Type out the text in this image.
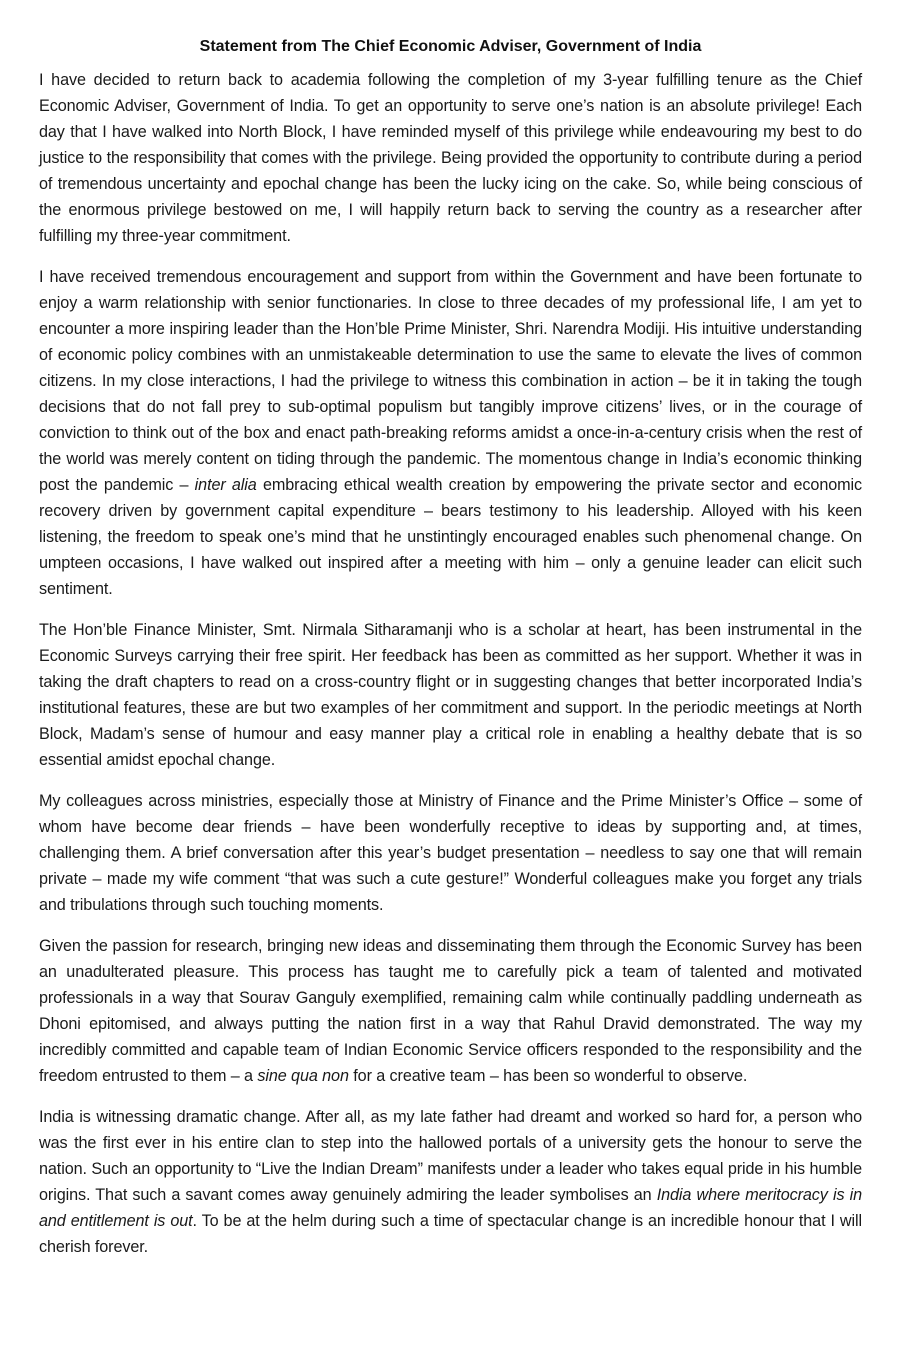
Statement from The Chief Economic Adviser, Government of India

I have decided to return back to academia following the completion of my 3-year fulfilling tenure as the Chief Economic Adviser, Government of India. To get an opportunity to serve one’s nation is an absolute privilege! Each day that I have walked into North Block, I have reminded myself of this privilege while endeavouring my best to do justice to the responsibility that comes with the privilege. Being provided the opportunity to contribute during a period of tremendous uncertainty and epochal change has been the lucky icing on the cake. So, while being conscious of the enormous privilege bestowed on me, I will happily return back to serving the country as a researcher after fulfilling my three-year commitment.

I have received tremendous encouragement and support from within the Government and have been fortunate to enjoy a warm relationship with senior functionaries. In close to three decades of my professional life, I am yet to encounter a more inspiring leader than the Hon’ble Prime Minister, Shri. Narendra Modiji. His intuitive understanding of economic policy combines with an unmistakeable determination to use the same to elevate the lives of common citizens. In my close interactions, I had the privilege to witness this combination in action – be it in taking the tough decisions that do not fall prey to sub-optimal populism but tangibly improve citizens’ lives, or in the courage of conviction to think out of the box and enact path-breaking reforms amidst a once-in-a-century crisis when the rest of the world was merely content on tiding through the pandemic. The momentous change in India’s economic thinking post the pandemic – inter alia embracing ethical wealth creation by empowering the private sector and economic recovery driven by government capital expenditure – bears testimony to his leadership. Alloyed with his keen listening, the freedom to speak one’s mind that he unstintingly encouraged enables such phenomenal change. On umpteen occasions, I have walked out inspired after a meeting with him – only a genuine leader can elicit such sentiment.

The Hon’ble Finance Minister, Smt. Nirmala Sitharamanji who is a scholar at heart, has been instrumental in the Economic Surveys carrying their free spirit. Her feedback has been as committed as her support. Whether it was in taking the draft chapters to read on a cross-country flight or in suggesting changes that better incorporated India’s institutional features, these are but two examples of her commitment and support. In the periodic meetings at North Block, Madam’s sense of humour and easy manner play a critical role in enabling a healthy debate that is so essential amidst epochal change.

My colleagues across ministries, especially those at Ministry of Finance and the Prime Minister’s Office – some of whom have become dear friends – have been wonderfully receptive to ideas by supporting and, at times, challenging them. A brief conversation after this year’s budget presentation – needless to say one that will remain private – made my wife comment “that was such a cute gesture!” Wonderful colleagues make you forget any trials and tribulations through such touching moments.

Given the passion for research, bringing new ideas and disseminating them through the Economic Survey has been an unadulterated pleasure. This process has taught me to carefully pick a team of talented and motivated professionals in a way that Sourav Ganguly exemplified, remaining calm while continually paddling underneath as Dhoni epitomised, and always putting the nation first in a way that Rahul Dravid demonstrated. The way my incredibly committed and capable team of Indian Economic Service officers responded to the responsibility and the freedom entrusted to them – a sine qua non for a creative team – has been so wonderful to observe.

India is witnessing dramatic change. After all, as my late father had dreamt and worked so hard for, a person who was the first ever in his entire clan to step into the hallowed portals of a university gets the honour to serve the nation. Such an opportunity to “Live the Indian Dream” manifests under a leader who takes equal pride in his humble origins. That such a savant comes away genuinely admiring the leader symbolises an India where meritocracy is in and entitlement is out. To be at the helm during such a time of spectacular change is an incredible honour that I will cherish forever.
